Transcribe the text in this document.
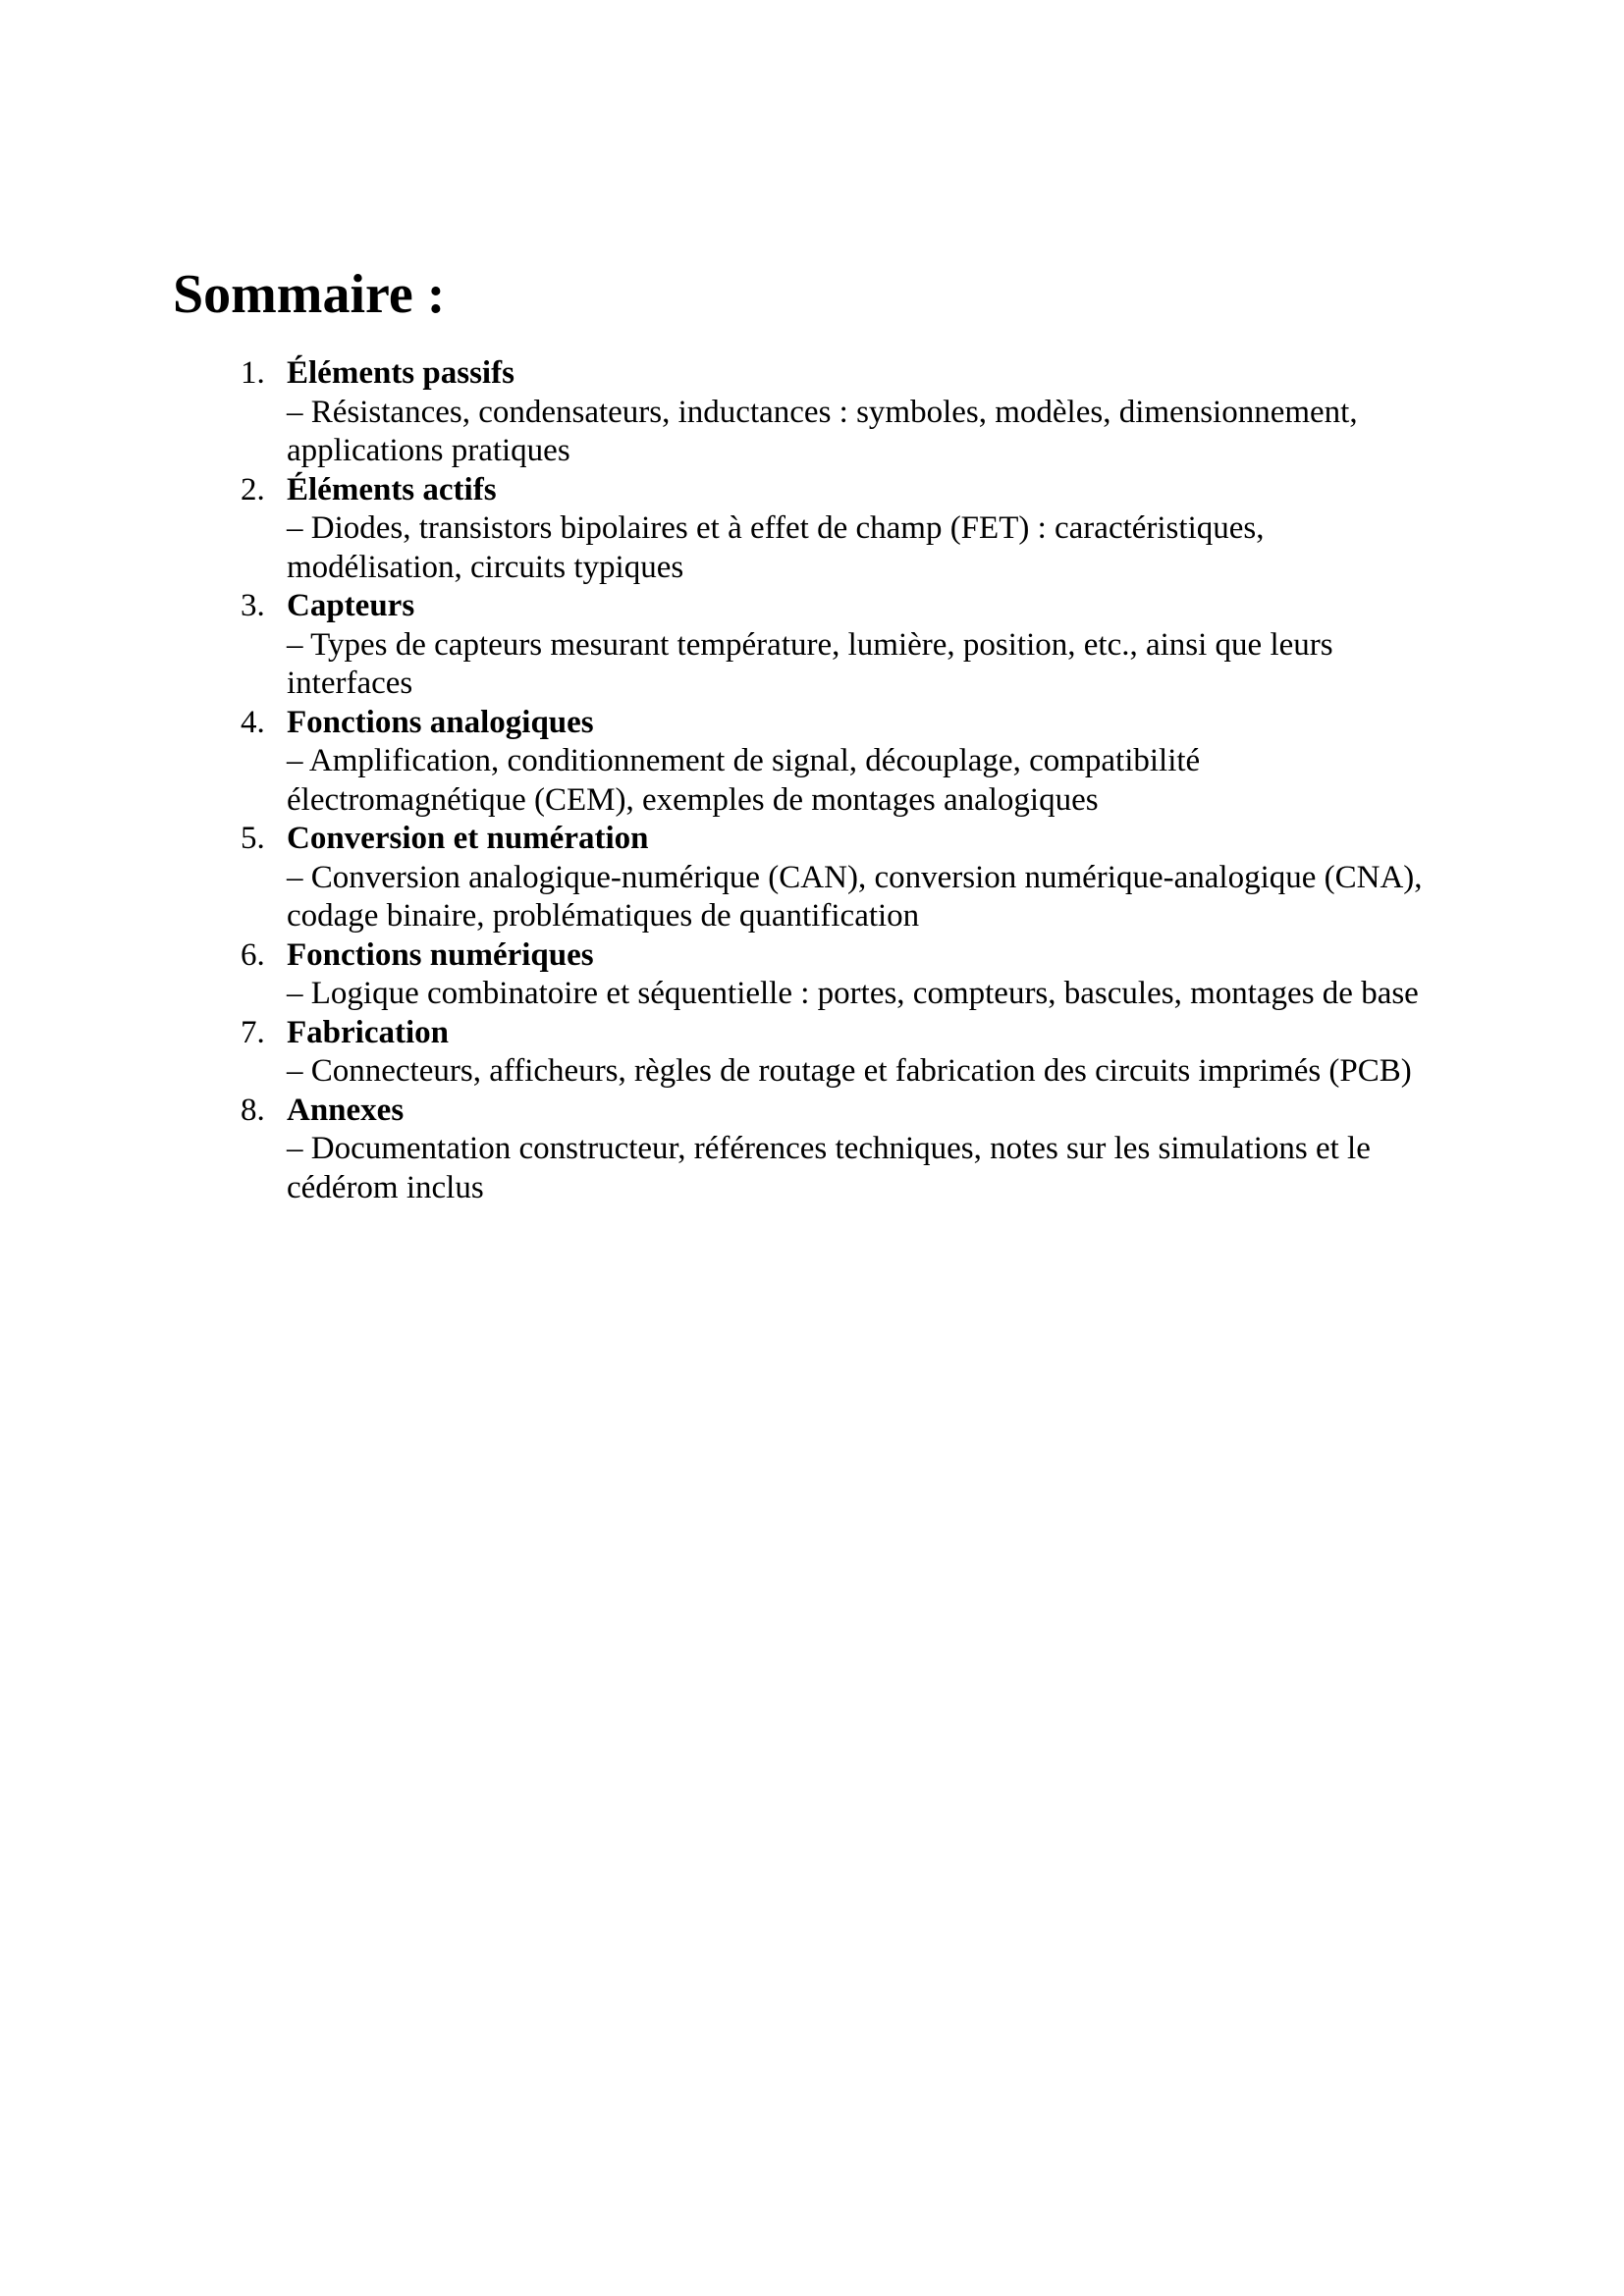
Sommaire :
1. Éléments passifs
– Résistances, condensateurs, inductances : symboles, modèles, dimensionnement, applications pratiques
2. Éléments actifs
– Diodes, transistors bipolaires et à effet de champ (FET) : caractéristiques, modélisation, circuits typiques
3. Capteurs
– Types de capteurs mesurant température, lumière, position, etc., ainsi que leurs interfaces
4. Fonctions analogiques
– Amplification, conditionnement de signal, découplage, compatibilité électromagnétique (CEM), exemples de montages analogiques
5. Conversion et numération
– Conversion analogique-numérique (CAN), conversion numérique-analogique (CNA), codage binaire, problématiques de quantification
6. Fonctions numériques
– Logique combinatoire et séquentielle : portes, compteurs, bascules, montages de base
7. Fabrication
– Connecteurs, afficheurs, règles de routage et fabrication des circuits imprimés (PCB)
8. Annexes
– Documentation constructeur, références techniques, notes sur les simulations et le cédérom inclus
